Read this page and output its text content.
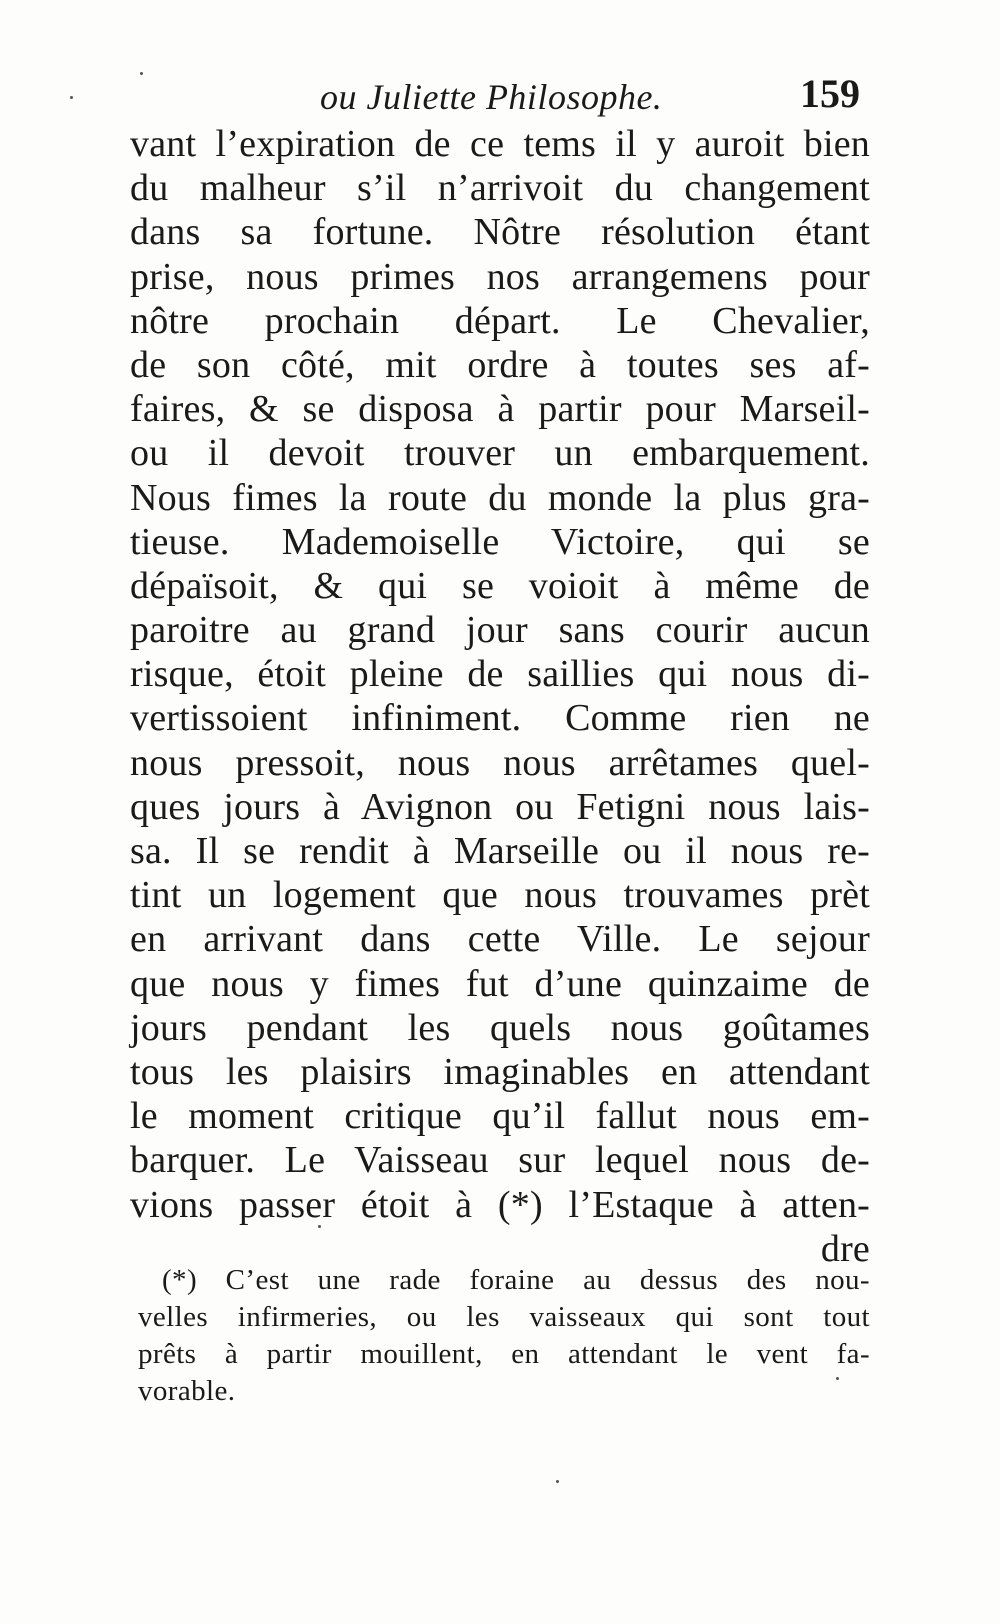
ou Juliette Philosophe.	159
vant l’expiration de ce tems il y auroit bien
du malheur s’il n’arrivoit du changement
dans sa fortune. Nôtre résolution étant
prise, nous primes nos arrangemens pour
nôtre prochain départ. Le Chevalier,
de son côté, mit ordre à toutes ses af-
faires, & se disposa à partir pour Marseil-
ou il devoit trouver un embarquement.
Nous fimes la route du monde la plus gra-
tieuse. Mademoiselle Victoire, qui se
dépaïsoit, & qui se voioit à même de
paroitre au grand jour sans courir aucun
risque, étoit pleine de saillies qui nous di-
vertissoient infiniment. Comme rien ne
nous pressoit, nous nous arrêtames quel-
ques jours à Avignon ou Fetigni nous lais-
sa. Il se rendit à Marseille ou il nous re-
tint un logement que nous trouvames prèt
en arrivant dans cette Ville. Le sejour
que nous y fimes fut d’une quinzaime de
jours pendant les quels nous goûtames
tous les plaisirs imaginables en attendant
le moment critique qu’il fallut nous em-
barquer. Le Vaisseau sur lequel nous de-
vions passer étoit à (*) l’Estaque à atten-
dre
(*) C’est une rade foraine au dessus des nou-
velles infirmeries, ou les vaisseaux qui sont tout
prêts à partir mouillent, en attendant le vent fa-
vorable.
